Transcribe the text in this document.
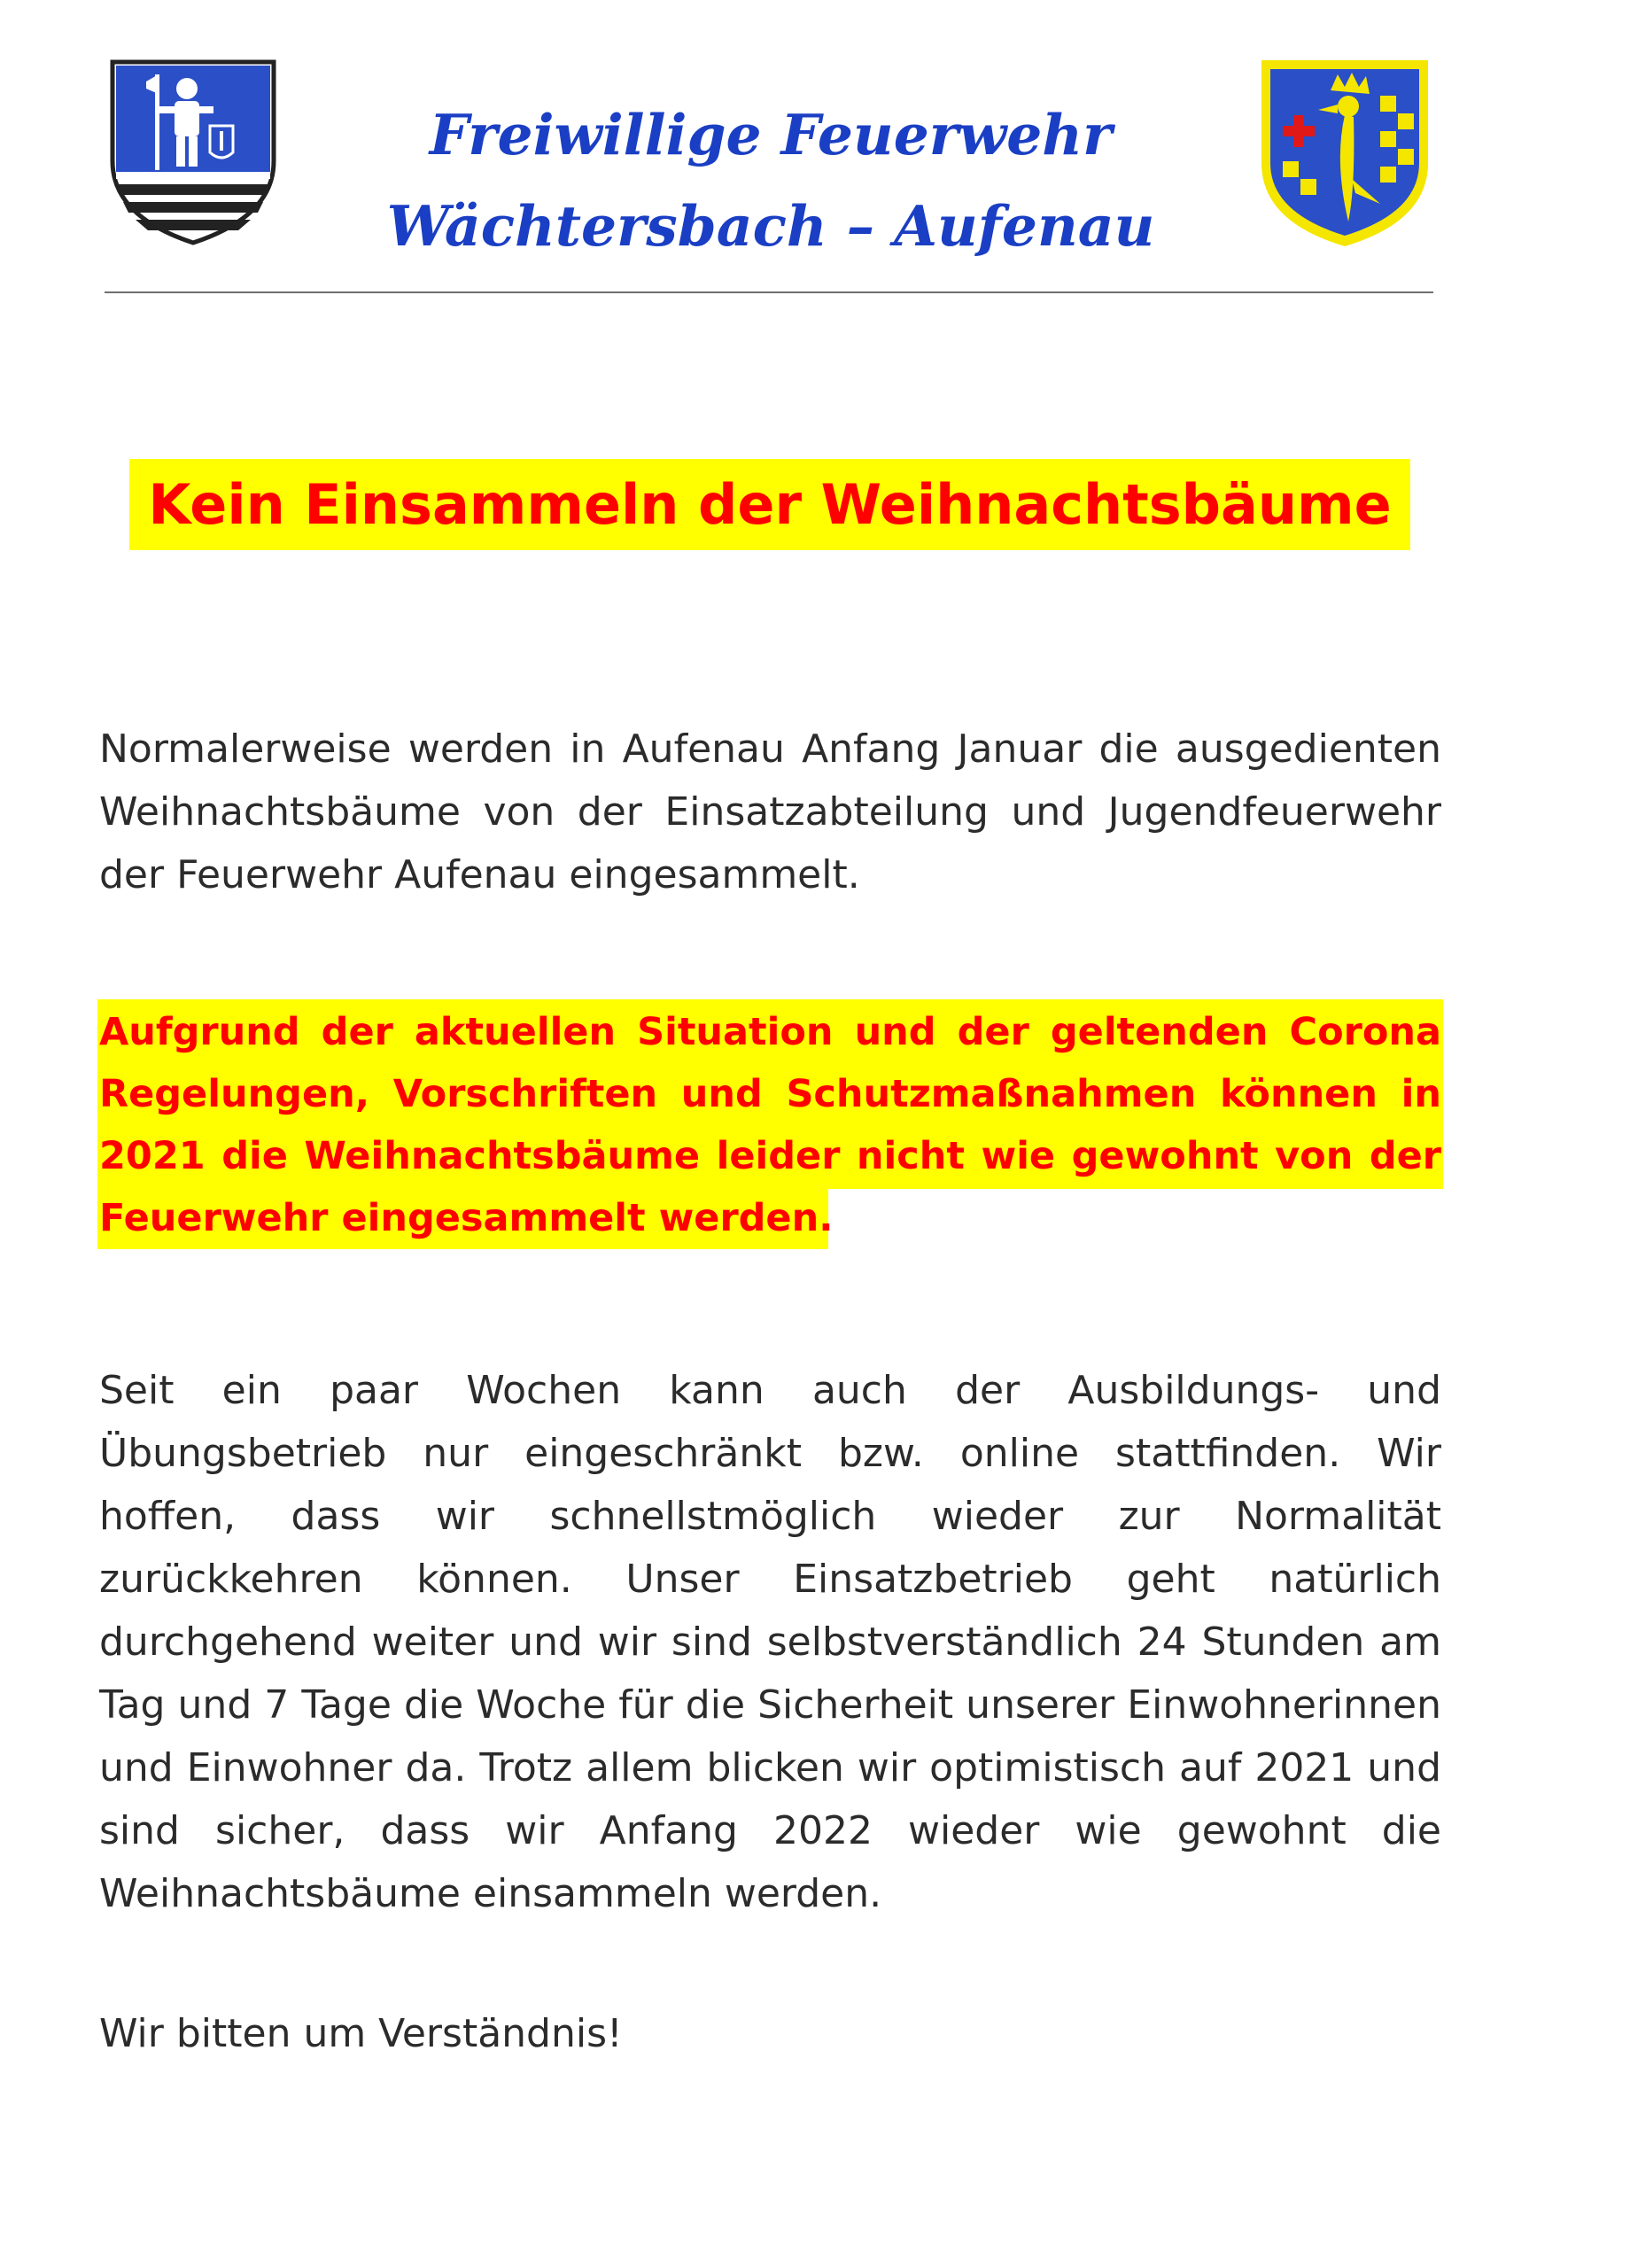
Freiwillige Feuerwehr
Wächtersbach – Aufenau
Kein Einsammeln der Weihnachtsbäume

Normalerweise werden in Aufenau Anfang Januar die ausgedienten Weihnachtsbäume von der Einsatzabteilung und Jugendfeuerwehr der Feuerwehr Aufenau eingesammelt.

Aufgrund der aktuellen Situation und der geltenden Corona Regelungen, Vorschriften und Schutzmaßnahmen können in 2021 die Weihnachtsbäume leider nicht wie gewohnt von der Feuerwehr eingesammelt werden.

Seit ein paar Wochen kann auch der Ausbildungs- und Übungsbetrieb nur eingeschränkt bzw. online stattfinden. Wir hoffen, dass wir schnellstmöglich wieder zur Normalität zurückkehren können. Unser Einsatzbetrieb geht natürlich durchgehend weiter und wir sind selbstverständlich 24 Stunden am Tag und 7 Tage die Woche für die Sicherheit unserer Einwohnerinnen und Einwohner da. Trotz allem blicken wir optimistisch auf 2021 und sind sicher, dass wir Anfang 2022 wieder wie gewohnt die Weihnachtsbäume einsammeln werden.

Wir bitten um Verständnis!
